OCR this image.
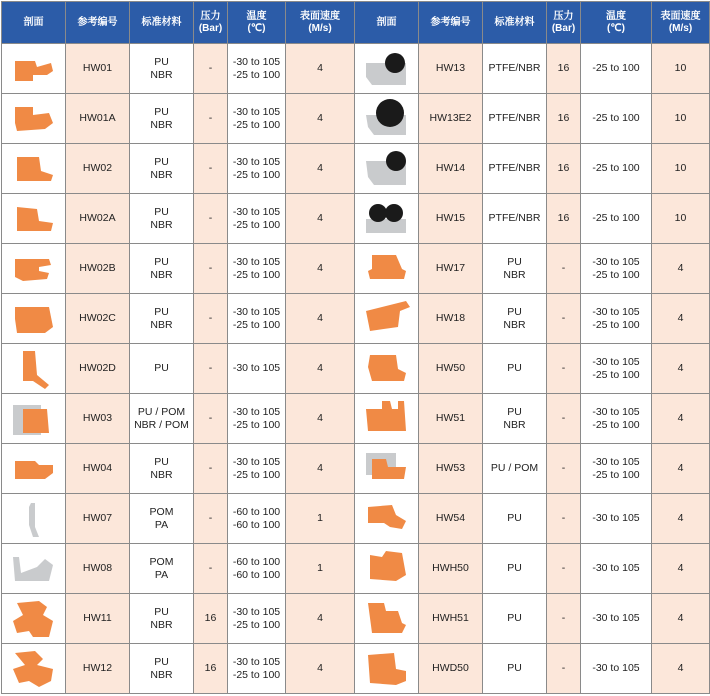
剖面	参考编号	标准材料	压力
(Bar)	温度
(℃)	表面速度
(M/s)	剖面	参考编号	标准材料	压力
(Bar)	温度
(℃)	表面速度
(M/s)

	HW01	PU
NBR	-	-30 to 105
-25 to 100	4		HW13	PTFE/NBR	16	-25 to 100	10

	HW01A	PU
NBR	-	-30 to 105
-25 to 100	4		HW13E2	PTFE/NBR	16	-25 to 100	10

	HW02	PU
NBR	-	-30 to 105
-25 to 100	4		HW14	PTFE/NBR	16	-25 to 100	10

	HW02A	PU
NBR	-	-30 to 105
-25 to 100	4		HW15	PTFE/NBR	16	-25 to 100	10

	HW02B	PU
NBR	-	-30 to 105
-25 to 100	4		HW17	PU
NBR	-	-30 to 105
-25 to 100	4

	HW02C	PU
NBR	-	-30 to 105
-25 to 100	4		HW18	PU
NBR	-	-30 to 105
-25 to 100	4

	HW02D	PU	-	-30 to 105	4		HW50	PU	-	-30 to 105
-25 to 100	4

	HW03	PU / POM
NBR / POM	-	-30 to 105
-25 to 100	4		HW51	PU
NBR	-	-30 to 105
-25 to 100	4

	HW04	PU
NBR	-	-30 to 105
-25 to 100	4		HW53	PU / POM	-	-30 to 105
-25 to 100	4

	HW07	POM
PA	-	-60 to 100
-60 to 100	1		HW54	PU	-	-30 to 105	4

	HW08	POM
PA	-	-60 to 100
-60 to 100	1		HWH50	PU	-	-30 to 105	4

	HW11	PU
NBR	16	-30 to 105
-25 to 100	4		HWH51	PU	-	-30 to 105	4

	HW12	PU
NBR	16	-30 to 105
-25 to 100	4		HWD50	PU	-	-30 to 105	4
